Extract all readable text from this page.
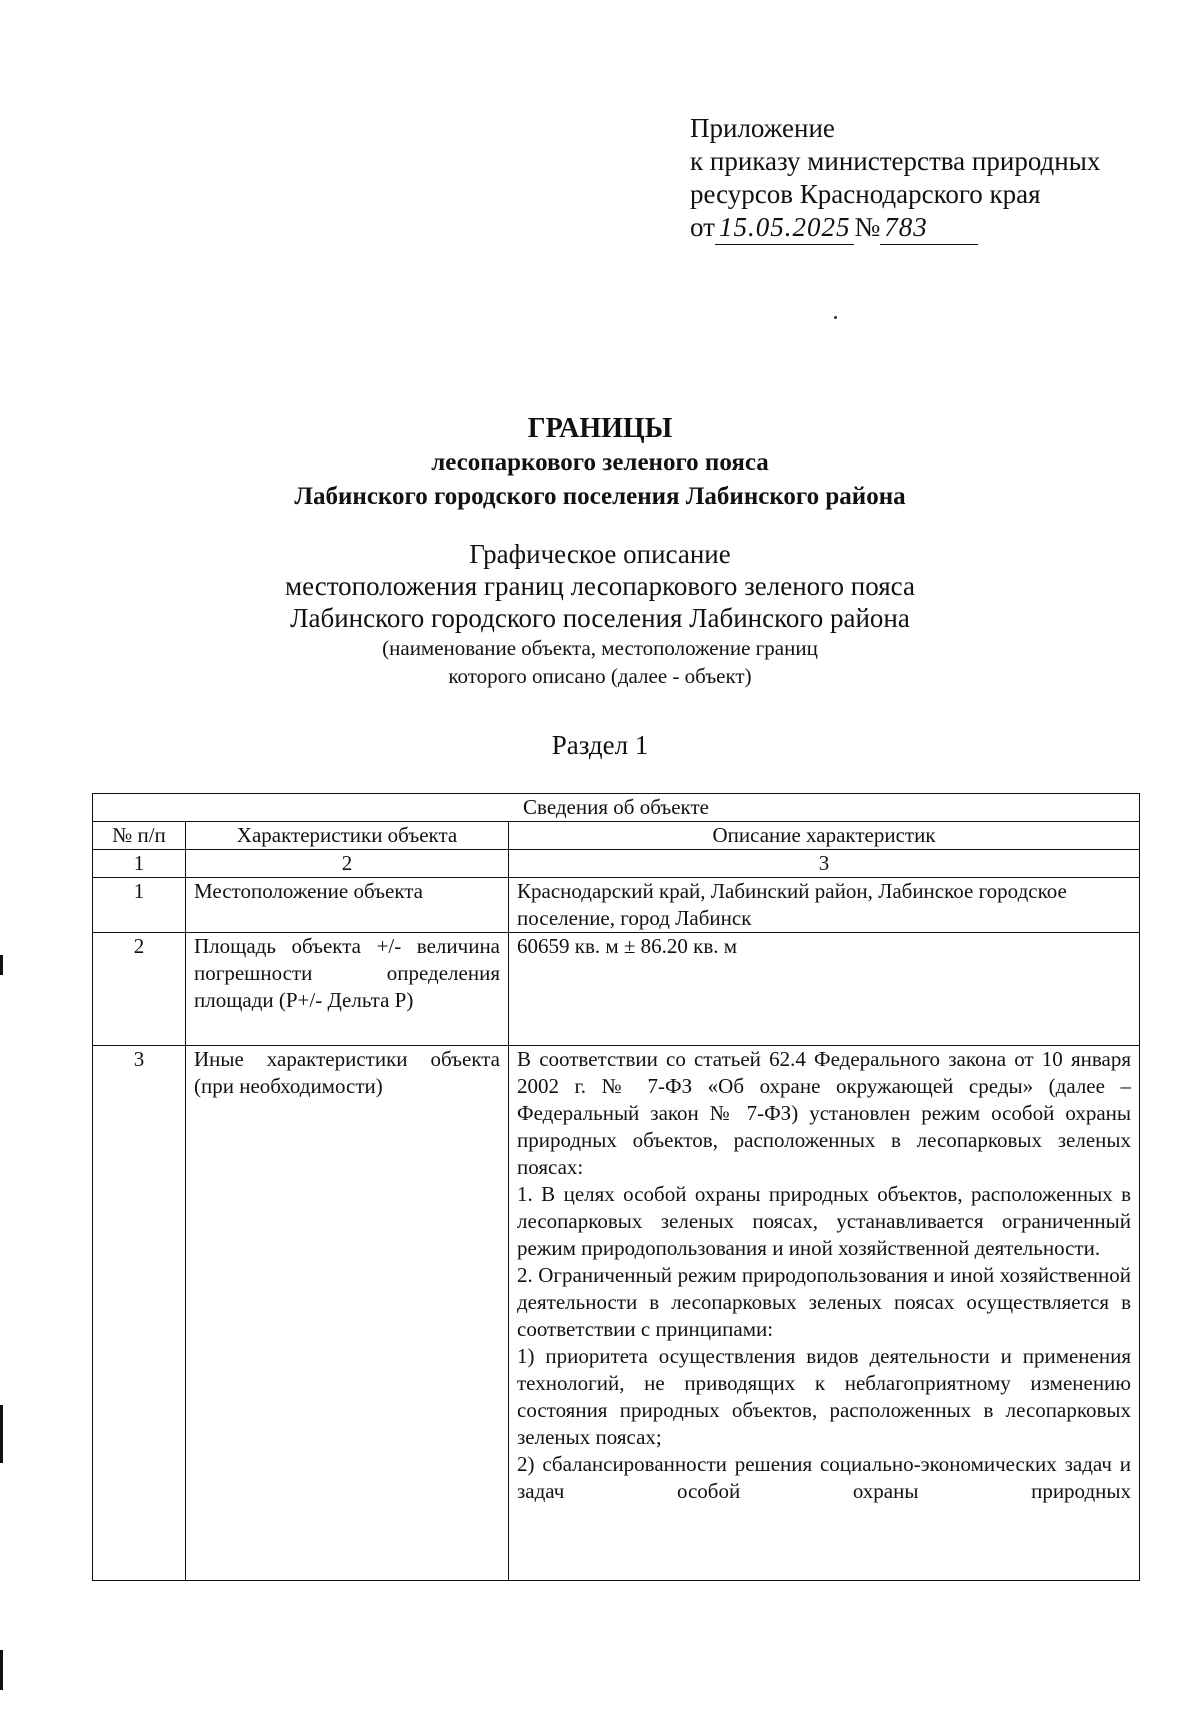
Приложение
к приказу министерства природных
ресурсов Краснодарского края
от 15.05.2025 № 783
ГРАНИЦЫ
лесопаркового зеленого пояса
Лабинского городского поселения Лабинского района
Графическое описание
местоположения границ лесопаркового зеленого пояса
Лабинского городского поселения Лабинского района
(наименование объекта, местоположение границ
которого описано (далее - объект)
Раздел 1
Сведения об объекте		
№ п/п	Характеристики объекта	Описание характеристик
1	2	3
1	Местоположение объекта	Краснодарский край, Лабинский район, Лабинское городское поселение, город Лабинск
2	Площадь объекта +/- величина погрешности определения площади (P+/- Дельта P)	60659 кв. м ± 86.20 кв. м
3	Иные характеристики объекта (при необходимости)	В соответствии со статьей 62.4 Федерального закона от 10 января 2002 г. № 7-ФЗ «Об охране окружающей среды» (далее – Федеральный закон № 7-ФЗ) установлен режим особой охраны природных объектов, расположенных в лесопарковых зеленых поясах:
1. В целях особой охраны природных объектов, расположенных в лесопарковых зеленых поясах, устанавливается ограниченный режим природопользования и иной хозяйственной деятельности.
2. Ограниченный режим природопользования и иной хозяйственной деятельности в лесопарковых зеленых поясах осуществляется в соответствии с принципами:
1) приоритета осуществления видов деятельности и применения технологий, не приводящих к неблагоприятному изменению состояния природных объектов, расположенных в лесопарковых зеленых поясах;
2) сбалансированности решения социально-экономических задач и задач особой охраны природных
